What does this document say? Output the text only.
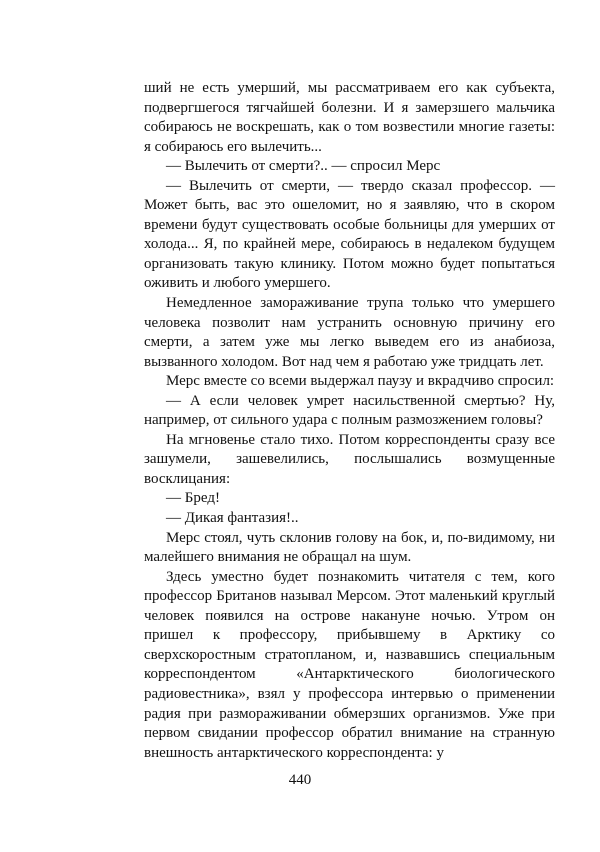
ший не есть умерший, мы рассматриваем его как субъекта, подвергшегося тягчайшей болезни. И я замерзшего мальчика собираюсь не воскрешать, как о том возвестили многие газеты: я собираюсь его вылечить...

— Вылечить от смерти?.. — спросил Мерс

— Вылечить от смерти, — твердо сказал профессор. — Может быть, вас это ошеломит, но я заявляю, что в скором времени будут существовать особые больницы для умерших от холода... Я, по крайней мере, собираюсь в недалеком будущем организовать такую клинику. Потом можно будет попытаться оживить и любого умершего.

Немедленное замораживание трупа только что умершего человека позволит нам устранить основную причину его смерти, а затем уже мы легко выведем его из анабиоза, вызванного холодом. Вот над чем я работаю уже тридцать лет.

Мерс вместе со всеми выдержал паузу и вкрадчиво спросил:

— А если человек умрет насильственной смертью? Ну, например, от сильного удара с полным размозжением головы?

На мгновенье стало тихо. Потом корреспонденты сразу все зашумели, зашевелились, послышались возмущенные восклицания:

— Бред!

— Дикая фантазия!..

Мерс стоял, чуть склонив голову на бок, и, по-видимому, ни малейшего внимания не обращал на шум.

Здесь уместно будет познакомить читателя с тем, кого профессор Британов называл Мерсом. Этот маленький круглый человек появился на острове накануне ночью. Утром он пришел к профессору, прибывшему в Арктику со сверхскоростным стратопланом, и, назвавшись специальным корреспондентом «Антарктического биологического радиовестника», взял у профессора интервью о применении радия при размораживании обмерзших организмов. Уже при первом свидании профессор обратил внимание на странную внешность антарктического корреспондента: у

440
